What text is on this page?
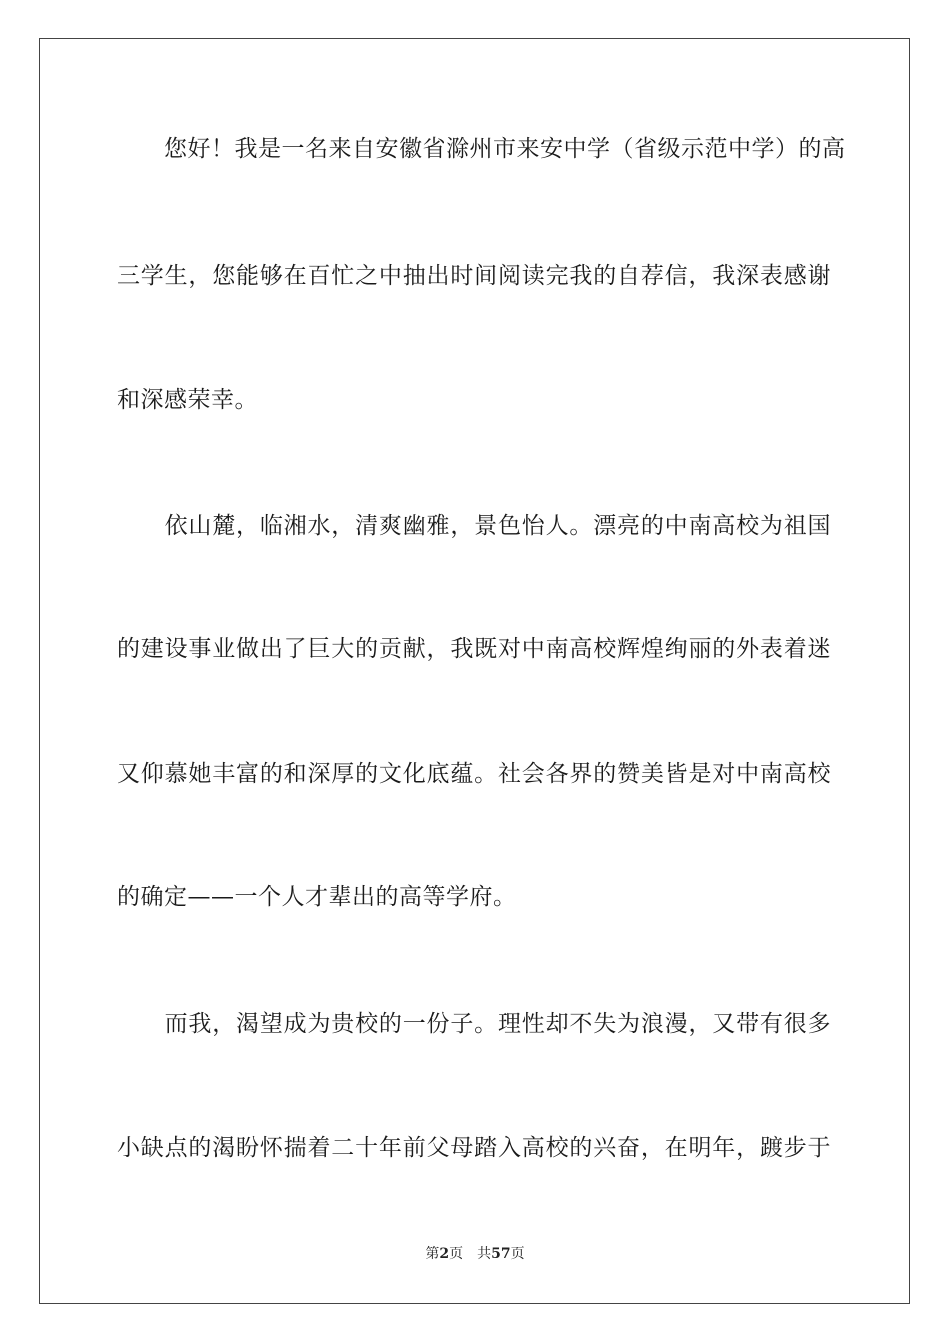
　　您好！我是一名来自安徽省滁州市来安中学（省级示范中学）的高
三学生，您能够在百忙之中抽出时间阅读完我的自荐信，我深表感谢
和深感荣幸。
　　依山麓，临湘水，清爽幽雅，景色怡人。漂亮的中南高校为祖国
的建设事业做出了巨大的贡献，我既对中南高校辉煌绚丽的外表着迷
又仰慕她丰富的和深厚的文化底蕴。社会各界的赞美皆是对中南高校
的确定——一个人才辈出的高等学府。
　　而我，渴望成为贵校的一份子。理性却不失为浪漫，又带有很多
小缺点的渴盼怀揣着二十年前父母踏入高校的兴奋，在明年，踱步于
第2页 共57页
